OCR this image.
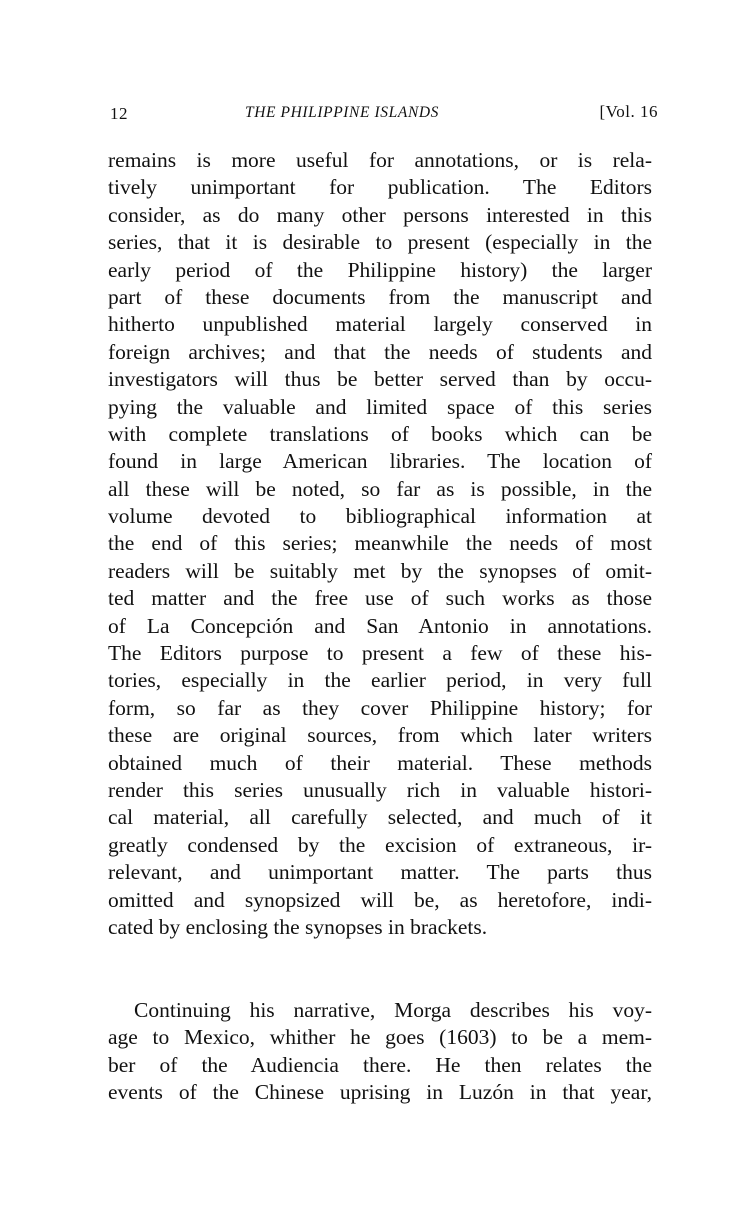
12	THE PHILIPPINE ISLANDS	[Vol. 16
remains is more useful for annotations, or is rela-
tively unimportant for publication. The Editors
consider, as do many other persons interested in this
series, that it is desirable to present (especially in the
early period of the Philippine history) the larger
part of these documents from the manuscript and
hitherto unpublished material largely conserved in
foreign archives; and that the needs of students and
investigators will thus be better served than by occu-
pying the valuable and limited space of this series
with complete translations of books which can be
found in large American libraries. The location of
all these will be noted, so far as is possible, in the
volume devoted to bibliographical information at
the end of this series; meanwhile the needs of most
readers will be suitably met by the synopses of omit-
ted matter and the free use of such works as those
of La Concepción and San Antonio in annotations.
The Editors purpose to present a few of these his-
tories, especially in the earlier period, in very full
form, so far as they cover Philippine history; for
these are original sources, from which later writers
obtained much of their material. These methods
render this series unusually rich in valuable histori-
cal material, all carefully selected, and much of it
greatly condensed by the excision of extraneous, ir-
relevant, and unimportant matter. The parts thus
omitted and synopsized will be, as heretofore, indi-
cated by enclosing the synopses in brackets.
Continuing his narrative, Morga describes his voy-
age to Mexico, whither he goes (1603) to be a mem-
ber of the Audiencia there. He then relates the
events of the Chinese uprising in Luzón in that year,
